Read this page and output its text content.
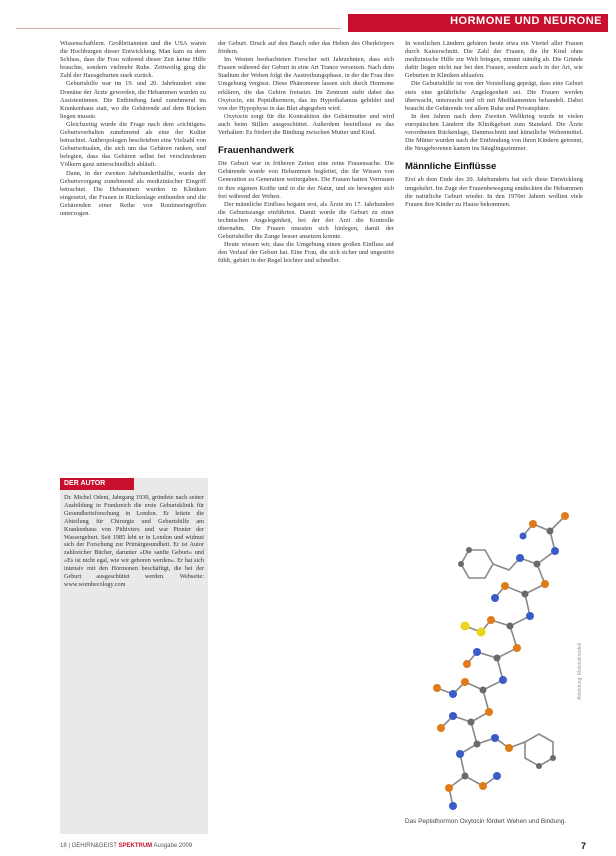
HORMONE UND NEURONE

Wissenschaftlern. Großbritannien und die USA waren die Hochburgen dieser Entwicklung. Man kam zu dem Schluss, dass die Frau während dieser Zeit keine Hilfe brauchte, sondern vielmehr Ruhe. Zeitweilig ging die Zahl der Hausgeburten stark zurück.

Geburtshilfe war im 19. und 20. Jahrhundert eine Domäne der Ärzte geworden, die Hebammen wurden zu Assistentinnen. Die Entbindung fand zunehmend im Krankenhaus statt, wo die Gebärende auf dem Rücken liegen musste.

Gleichzeitig wurde die Frage nach dem »richtigen« Geburtsverhalten zunehmend als eine der Kultur betrachtet. Anthropologen beschrieben eine Vielzahl von Geburtsritualen, die sich um das Gebären ranken, und belegten, dass das Gebären selbst bei verschiedenen Völkern ganz unterschiedlich abläuft.

Dann, in der zweiten Jahrhunderthälfte, wurde der Geburtsvorgang zunehmend als medizinischer Eingriff betrachtet. Die Hebammen wurden in Kliniken eingesetzt, die Frauen in Rückenlage entbunden und die Gebärenden einer Reihe von Routineeingriffen unterzogen.

DER AUTOR
Dr. Michel Odent, Jahrgang 1930, gründete nach seiner Ausbildung in Frankreich die erste Geburtsklinik für Gesundheitsforschung in London. Er leitete die Abteilung für Chirurgie und Geburtshilfe am Krankenhaus von Pithiviers und war Pionier der Wassergeburt. Seit 1985 lebt er in London und widmet sich der Forschung zur Primärgesundheit. Er ist Autor zahlreicher Bücher, darunter »Die sanfte Geburt« und »Es ist nicht egal, wie wir geboren werden«. Er hat sich intensiv mit den Hormonen beschäftigt, die bei der Geburt ausgeschüttet werden. Webseite: www.wombecology.com

der Geburt. Druck auf den Bauch oder das Heben des Oberkörpers fördern.

Im Westen beobachteten Forscher seit Jahrzehnten, dass sich Frauen während der Geburt in eine Art Trance versetzen. Nach dem Stadium der Wehen folgt die Austreibungsphase, in der die Frau ihre Umgebung vergisst. Diese Phänomene lassen sich durch Hormone erklären, die das Gehirn freisetzt. Im Zentrum steht dabei das Oxytocin, ein Peptidhormon, das im Hypothalamus gebildet und von der Hypophyse in das Blut abgegeben wird.

Oxytocin sorgt für die Kontraktion der Gebärmutter und wird auch beim Stillen ausgeschüttet. Außerdem beeinflusst es das Verhalten: Es fördert die Bindung zwischen Mutter und Kind.

Frauenhandwerk

Die Geburt war in früheren Zeiten eine reine Frauensache. Die Gebärende wurde von Hebammen begleitet, die ihr Wissen von Generation zu Generation weitergaben. Die Frauen hatten Vertrauen in ihre eigenen Kräfte und in die der Natur, und sie bewegten sich frei während der Wehen.

Der männliche Einfluss begann erst, als Ärzte im 17. Jahrhundert die Geburtszange einführten. Damit wurde die Geburt zu einer technischen Angelegenheit, bei der der Arzt die Kontrolle übernahm. Die Frauen mussten sich hinlegen, damit der Geburtshelfer die Zange besser ansetzen konnte.

Heute wissen wir, dass die Umgebung einen großen Einfluss auf den Verlauf der Geburt hat. Eine Frau, die sich sicher und ungestört fühlt, gebärt in der Regel leichter und schneller.

In westlichen Ländern gebären heute etwa ein Viertel aller Frauen durch Kaiserschnitt. Die Zahl der Frauen, die ihr Kind ohne medizinische Hilfe zur Welt bringen, nimmt ständig ab. Die Gründe dafür liegen nicht nur bei den Frauen, sondern auch in der Art, wie Geburten in Kliniken ablaufen.

Die Geburtshilfe ist von der Vorstellung geprägt, dass eine Geburt stets eine gefährliche Angelegenheit sei. Die Frauen werden überwacht, untersucht und oft mit Medikamenten behandelt. Dabei braucht die Gebärende vor allem Ruhe und Privatsphäre.

In den Jahren nach dem Zweiten Weltkrieg wurde in vielen europäischen Ländern die Klinikgeburt zum Standard. Die Ärzte verordneten Rückenlage, Dammschnitt und künstliche Wehenmittel. Die Mütter wurden nach der Entbindung von ihren Kindern getrennt, die Neugeborenen kamen ins Säuglingszimmer.

Männliche Einflüsse

Erst ab dem Ende des 20. Jahrhunderts hat sich diese Entwicklung umgekehrt. Im Zuge der Frauenbewegung entdeckten die Hebammen die natürliche Geburt wieder. In den 1970er Jahren wollten viele Frauen ihre Kinder zu Hause bekommen.

Abbildung: Molekülmodell
Das Peptidhormon Oxytocin fördert Wehen und Bindung.
18 | GEHIRN&GEIST SPEKTRUM Ausgabe 2009	7
